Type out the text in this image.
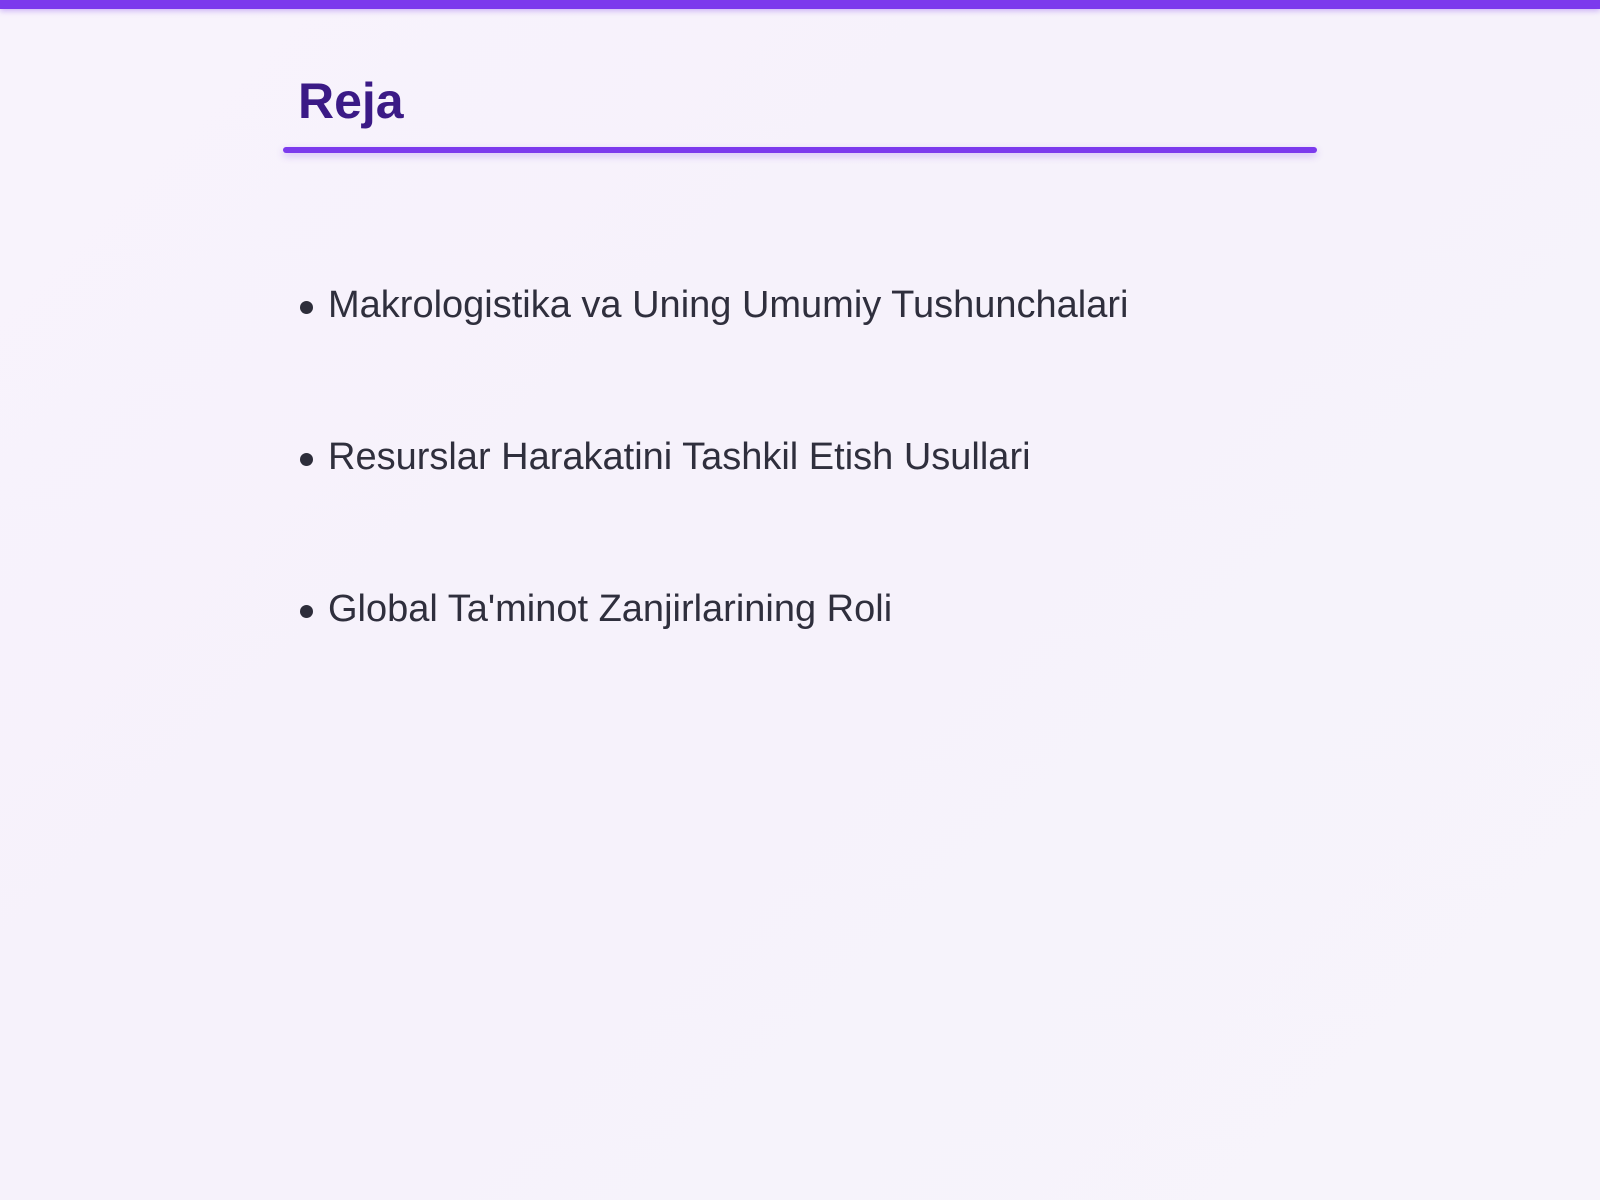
Reja
Makrologistika va Uning Umumiy Tushunchalari
Resurslar Harakatini Tashkil Etish Usullari
Global Ta'minot Zanjirlarining Roli
